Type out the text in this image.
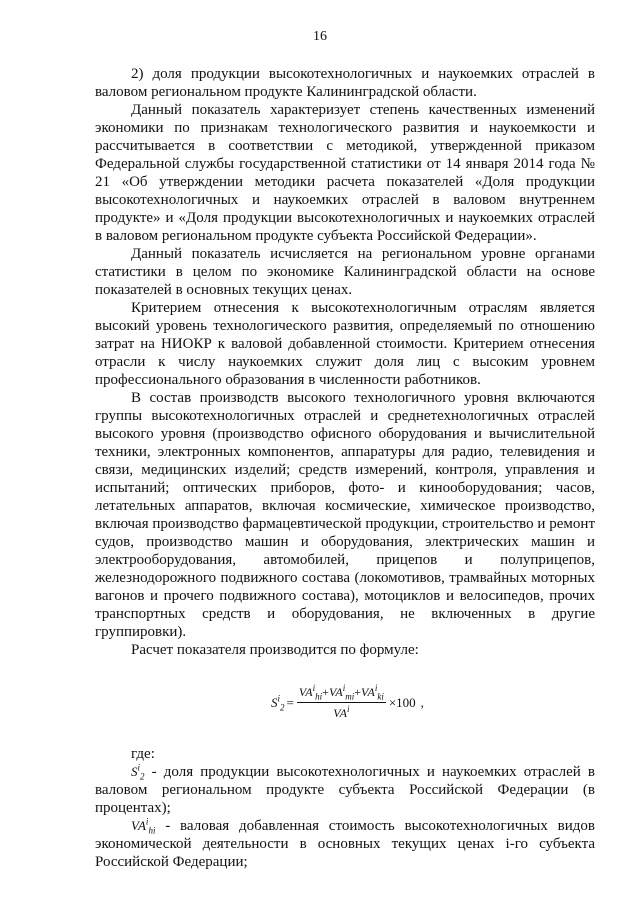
16

2) доля продукции высокотехнологичных и наукоемких отраслей в валовом региональном продукте Калининградской области.

Данный показатель характеризует степень качественных изменений экономики по признакам технологического развития и наукоемкости и рассчитывается в соответствии с методикой, утвержденной приказом Федеральной службы государственной статистики от 14 января 2014 года № 21 «Об утверждении методики расчета показателей «Доля продукции высокотехнологичных и наукоемких отраслей в валовом внутреннем продукте» и «Доля продукции высокотехнологичных и наукоемких отраслей в валовом региональном продукте субъекта Российской Федерации».

Данный показатель исчисляется на региональном уровне органами статистики в целом по экономике Калининградской области на основе показателей в основных текущих ценах.

Критерием отнесения к высокотехнологичным отраслям является высокий уровень технологического развития, определяемый по отношению затрат на НИОКР к валовой добавленной стоимости. Критерием отнесения отрасли к числу наукоемких служит доля лиц с высоким уровнем профессионального образования в численности работников.

В состав производств высокого технологичного уровня включаются группы высокотехнологичных отраслей и среднетехнологичных отраслей высокого уровня (производство офисного оборудования и вычислительной техники, электронных компонентов, аппаратуры для радио, телевидения и связи, медицинских изделий; средств измерений, контроля, управления и испытаний; оптических приборов, фото- и кинооборудования; часов, летательных аппаратов, включая космические, химическое производство, включая производство фармацевтической продукции, строительство и ремонт судов, производство машин и оборудования, электрических машин и электрооборудования, автомобилей, прицепов и полуприцепов, железнодорожного подвижного состава (локомотивов, трамвайных моторных вагонов и прочего подвижного состава), мотоциклов и велосипедов, прочих транспортных средств и оборудования, не включенных в другие группировки).

Расчет показателя производится по формуле:

$S^i_2 = \frac{VA^i_{hi}+VA^i_{mi}+VA^i_{ki}}{VA^i} \times 100$ ,

где:

$S^i_2$ - доля продукции высокотехнологичных и наукоемких отраслей в валовом региональном продукте субъекта Российской Федерации (в процентах);

$VA^i_{hi}$ - валовая добавленная стоимость высокотехнологичных видов экономической деятельности в основных текущих ценах i-го субъекта Российской Федерации;
